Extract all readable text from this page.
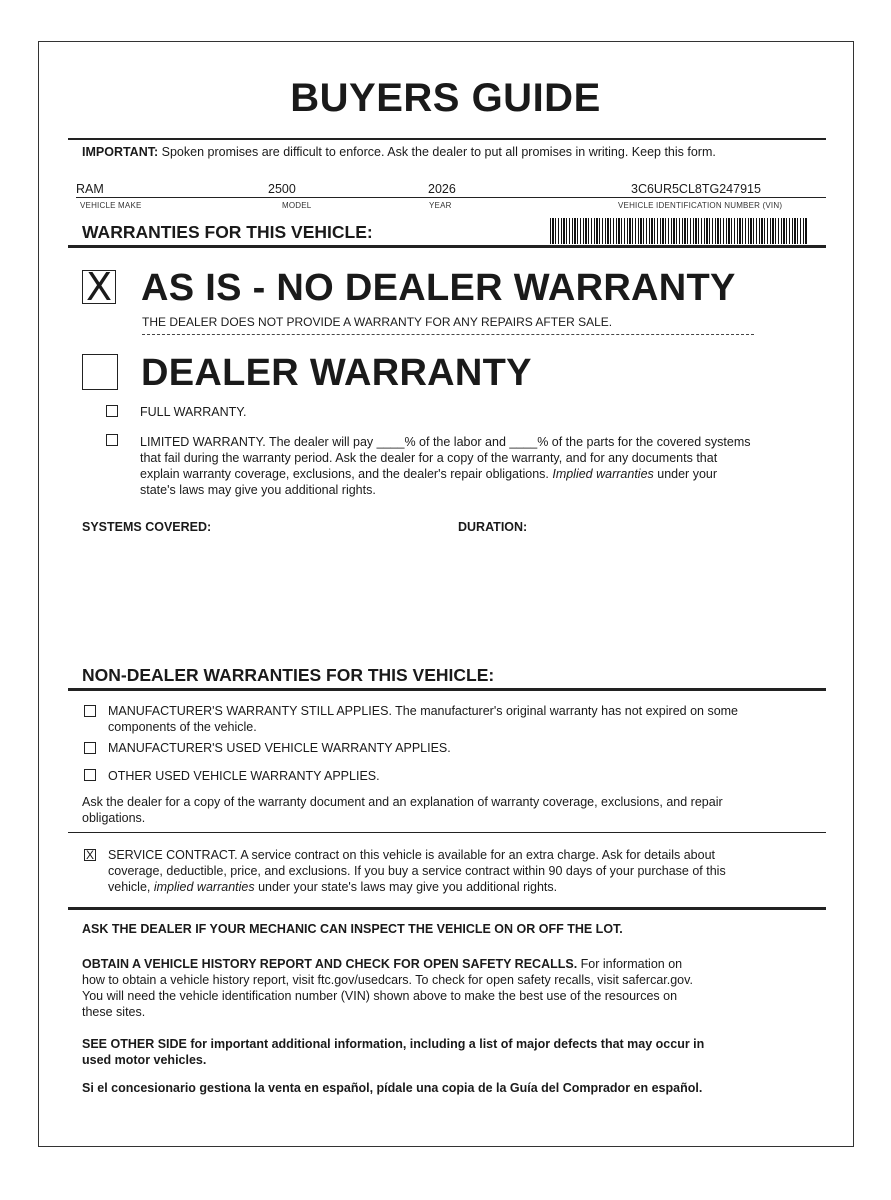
BUYERS GUIDE
IMPORTANT: Spoken promises are difficult to enforce. Ask the dealer to put all promises in writing. Keep this form.
RAM	2500	2026	3C6UR5CL8TG247915
VEHICLE MAKE	MODEL	YEAR	VEHICLE IDENTIFICATION NUMBER (VIN)
WARRANTIES FOR THIS VEHICLE:
X AS IS - NO DEALER WARRANTY
THE DEALER DOES NOT PROVIDE A WARRANTY FOR ANY REPAIRS AFTER SALE.
DEALER WARRANTY
FULL WARRANTY.
LIMITED WARRANTY. The dealer will pay ____% of the labor and ____% of the parts for the covered systems
that fail during the warranty period. Ask the dealer for a copy of the warranty, and for any documents that
explain warranty coverage, exclusions, and the dealer's repair obligations. Implied warranties under your
state's laws may give you additional rights.
SYSTEMS COVERED:	DURATION:
NON-DEALER WARRANTIES FOR THIS VEHICLE:
MANUFACTURER'S WARRANTY STILL APPLIES. The manufacturer's original warranty has not expired on some
components of the vehicle.
MANUFACTURER'S USED VEHICLE WARRANTY APPLIES.
OTHER USED VEHICLE WARRANTY APPLIES.
Ask the dealer for a copy of the warranty document and an explanation of warranty coverage, exclusions, and repair
obligations.
X SERVICE CONTRACT. A service contract on this vehicle is available for an extra charge. Ask for details about
coverage, deductible, price, and exclusions. If you buy a service contract within 90 days of your purchase of this
vehicle, implied warranties under your state's laws may give you additional rights.
ASK THE DEALER IF YOUR MECHANIC CAN INSPECT THE VEHICLE ON OR OFF THE LOT.
OBTAIN A VEHICLE HISTORY REPORT AND CHECK FOR OPEN SAFETY RECALLS. For information on
how to obtain a vehicle history report, visit ftc.gov/usedcars. To check for open safety recalls, visit safercar.gov.
You will need the vehicle identification number (VIN) shown above to make the best use of the resources on
these sites.
SEE OTHER SIDE for important additional information, including a list of major defects that may occur in
used motor vehicles.
Si el concesionario gestiona la venta en español, pídale una copia de la Guía del Comprador en español.
